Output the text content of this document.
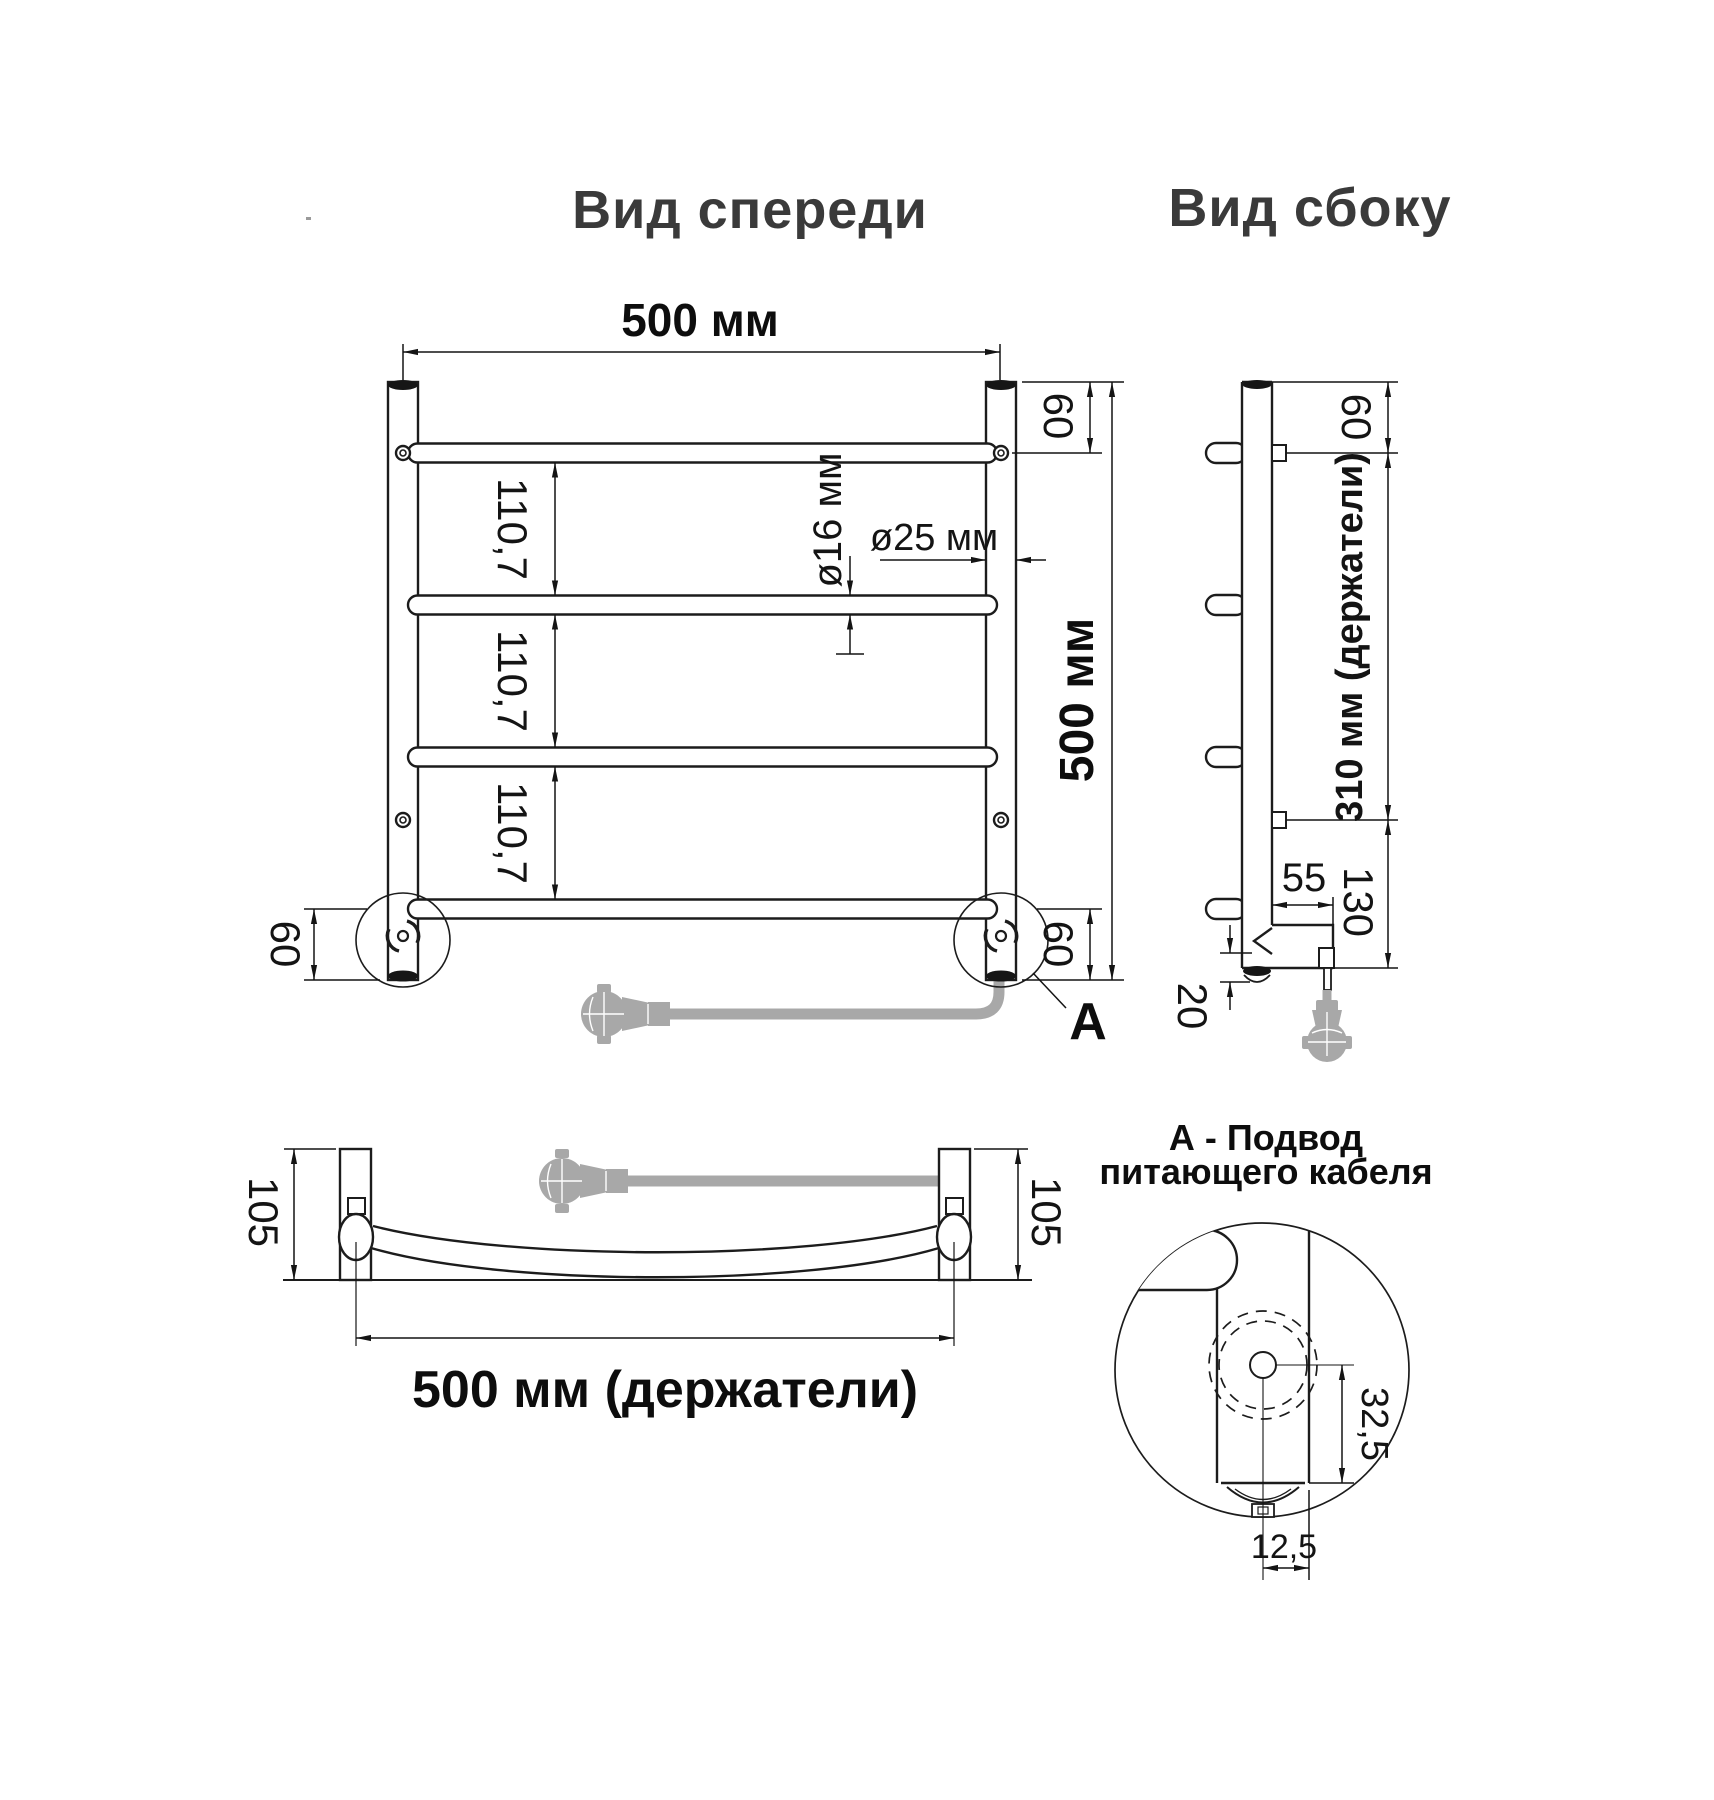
Вид спереди	Вид сбоку
500 мм
500 мм
60
110,7
110,7
110,7
ø16 мм ø25 мм
60	60
А
60
310 мм (держатели)
55 130
20
105	105
500 мм (держатели)
А - Подвод
питающего кабеля
32,5
12,5
